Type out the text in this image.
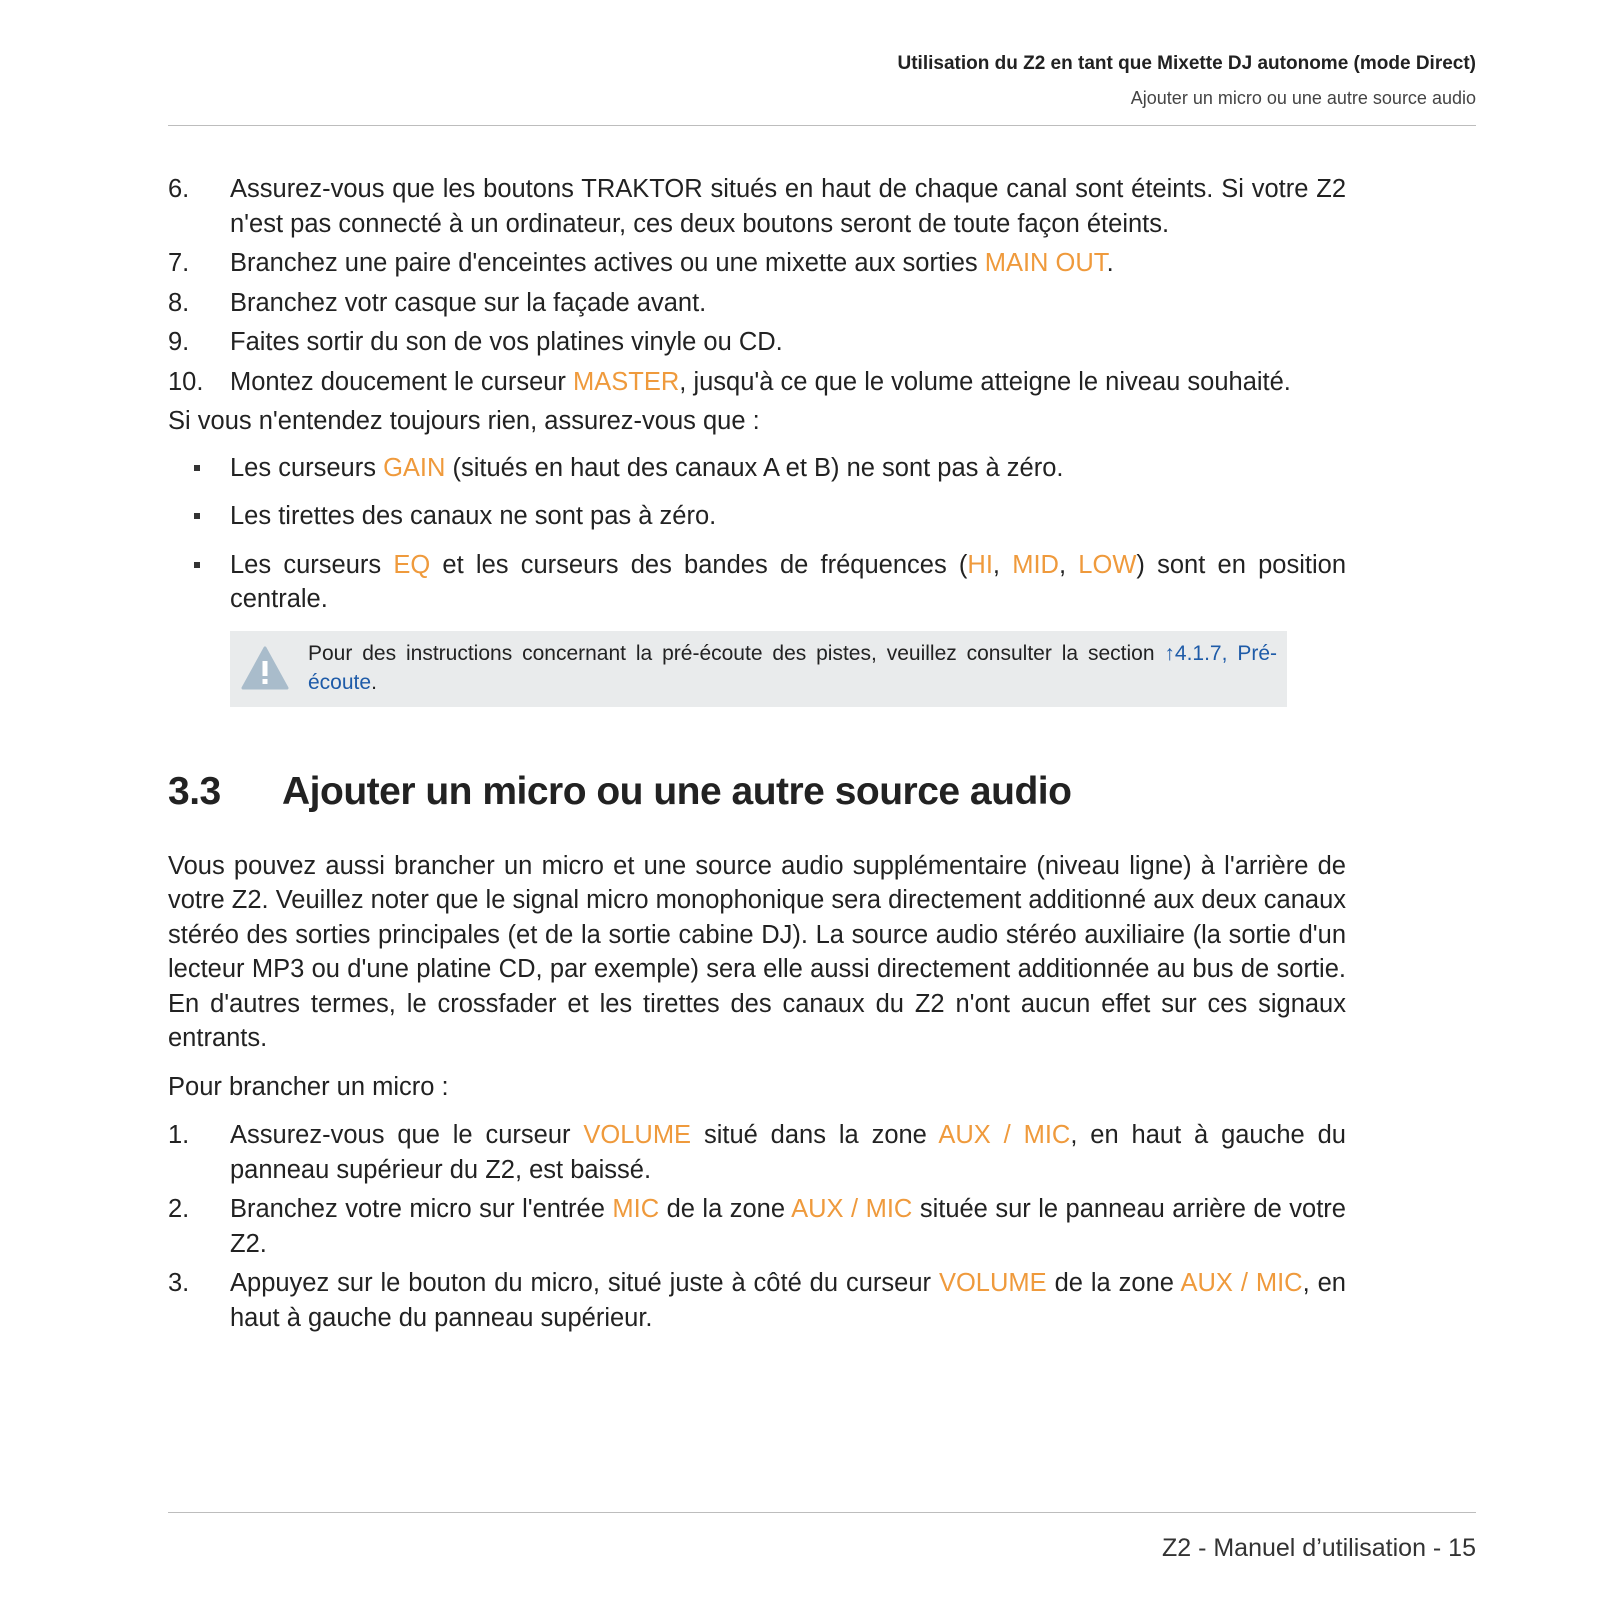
Utilisation du Z2 en tant que Mixette DJ autonome (mode Direct)
Ajouter un micro ou une autre source audio
6. Assurez-vous que les boutons TRAKTOR situés en haut de chaque canal sont éteints. Si votre Z2 n'est pas connecté à un ordinateur, ces deux boutons seront de toute façon éteints.
7. Branchez une paire d'enceintes actives ou une mixette aux sorties MAIN OUT.
8. Branchez votr casque sur la façade avant.
9. Faites sortir du son de vos platines vinyle ou CD.
10. Montez doucement le curseur MASTER, jusqu'à ce que le volume atteigne le niveau souhaité.

Si vous n'entendez toujours rien, assurez-vous que :

Les curseurs GAIN (situés en haut des canaux A et B) ne sont pas à zéro.
Les tirettes des canaux ne sont pas à zéro.
Les curseurs EQ et les curseurs des bandes de fréquences (HI, MID, LOW) sont en position centrale.
Pour des instructions concernant la pré-écoute des pistes, veuillez consulter la section ↑4.1.7, Pré-écoute.
3.3 Ajouter un micro ou une autre source audio

Vous pouvez aussi brancher un micro et une source audio supplémentaire (niveau ligne) à l'arrière de votre Z2. Veuillez noter que le signal micro monophonique sera directement additionné aux deux canaux stéréo des sorties principales (et de la sortie cabine DJ). La source audio stéréo auxiliaire (la sortie d'un lecteur MP3 ou d'une platine CD, par exemple) sera elle aussi directement additionnée au bus de sortie. En d'autres termes, le crossfader et les tirettes des canaux du Z2 n'ont aucun effet sur ces signaux entrants.

Pour brancher un micro :

1. Assurez-vous que le curseur VOLUME situé dans la zone AUX / MIC, en haut à gauche du panneau supérieur du Z2, est baissé.
2. Branchez votre micro sur l'entrée MIC de la zone AUX / MIC située sur le panneau arrière de votre Z2.
3. Appuyez sur le bouton du micro, situé juste à côté du curseur VOLUME de la zone AUX / MIC, en haut à gauche du panneau supérieur.
Z2 - Manuel d’utilisation - 15
